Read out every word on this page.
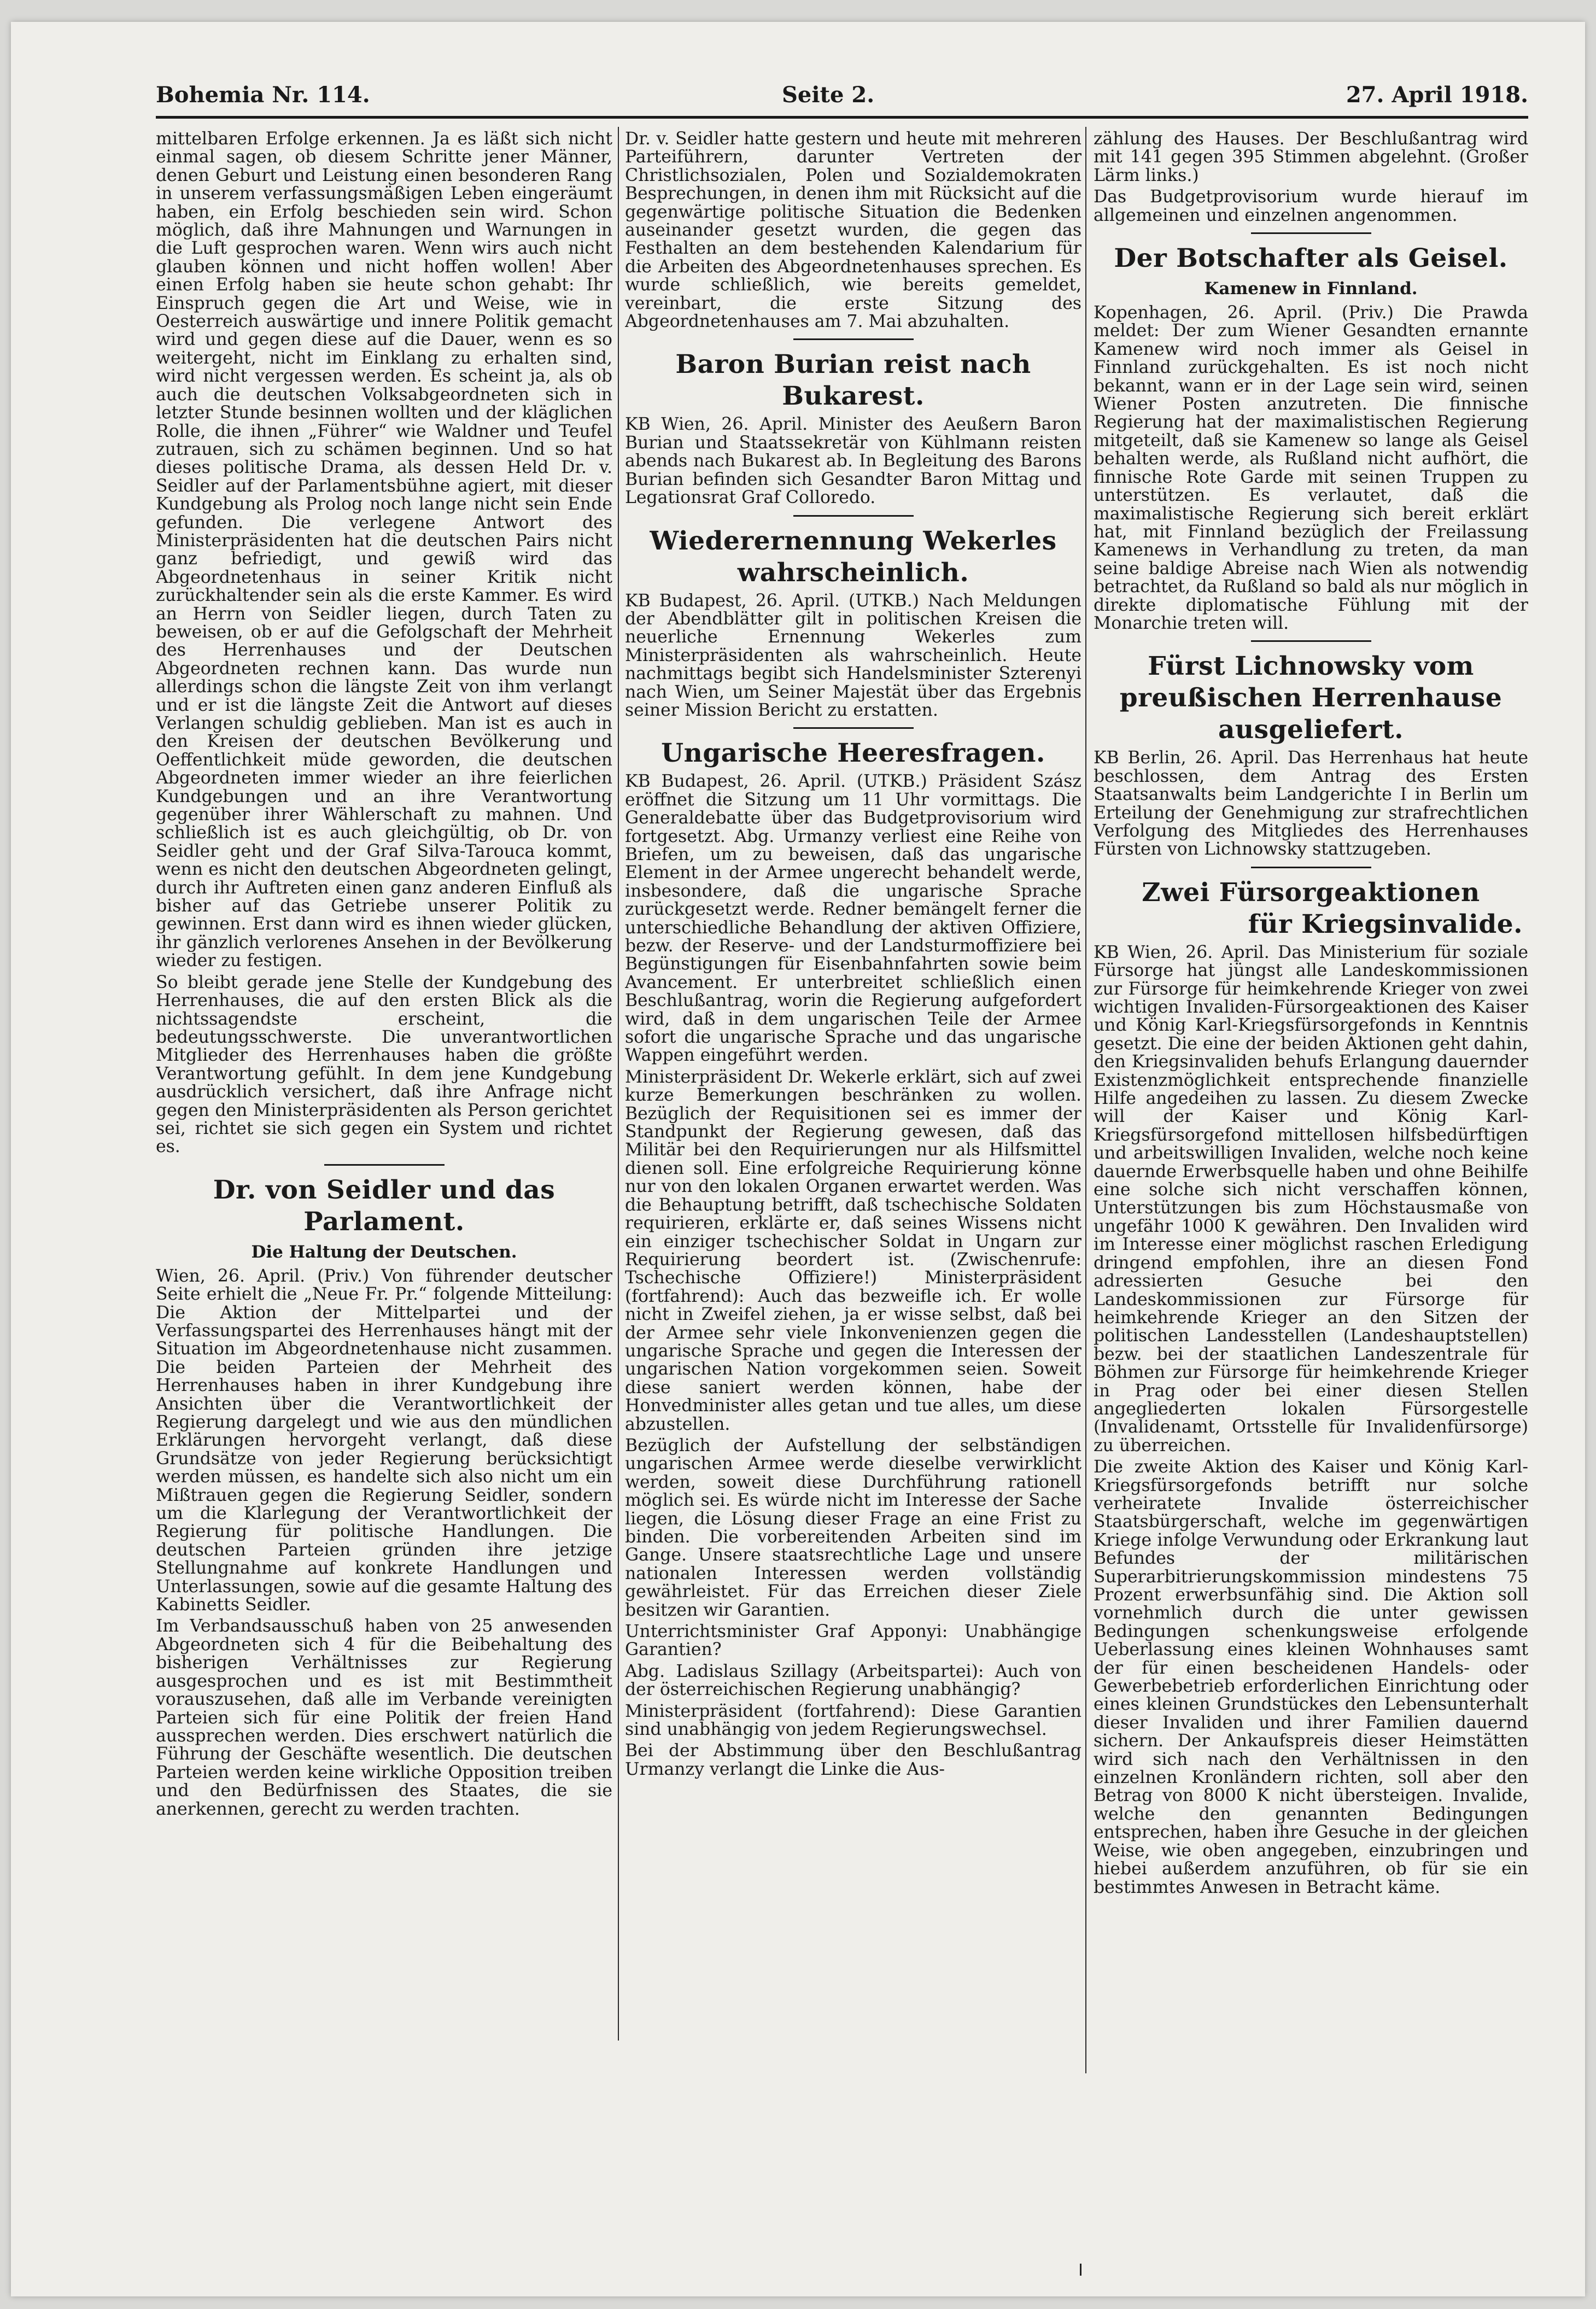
Bohemia Nr. 114.	Seite 2.	27. April 1918.

mittelbaren Erfolge erkennen. Ja es läßt sich nicht einmal sagen, ob diesem Schritte jener Männer, denen Geburt und Leistung einen besonderen Rang in unserem verfassungsmäßigen Leben eingeräumt haben, ein Erfolg beschieden sein wird. Schon möglich, daß ihre Mahnungen und Warnungen in die Luft gesprochen waren. Wenn wirs auch nicht glauben können und nicht hoffen wollen! Aber einen Erfolg haben sie heute schon gehabt: Ihr Einspruch gegen die Art und Weise, wie in Oesterreich auswärtige und innere Politik gemacht wird und gegen diese auf die Dauer, wenn es so weitergeht, nicht im Einklang zu erhalten sind, wird nicht vergessen werden. Es scheint ja, als ob auch die deutschen Volksabgeordneten sich in letzter Stunde besinnen wollten und der kläglichen Rolle, die ihnen „Führer“ wie Waldner und Teufel zutrauen, sich zu schämen beginnen. Und so hat dieses politische Drama, als dessen Held Dr. v. Seidler auf der Parlamentsbühne agiert, mit dieser Kundgebung als Prolog noch lange nicht sein Ende gefunden. Die verlegene Antwort des Ministerpräsidenten hat die deutschen Pairs nicht ganz befriedigt, und gewiß wird das Abgeordnetenhaus in seiner Kritik nicht zurückhaltender sein als die erste Kammer. Es wird an Herrn von Seidler liegen, durch Taten zu beweisen, ob er auf die Gefolgschaft der Mehrheit des Herrenhauses und der Deutschen Abgeordneten rechnen kann. Das wurde nun allerdings schon die längste Zeit von ihm verlangt und er ist die längste Zeit die Antwort auf dieses Verlangen schuldig geblieben. Man ist es auch in den Kreisen der deutschen Bevölkerung und Oeffentlichkeit müde geworden, die deutschen Abgeordneten immer wieder an ihre feierlichen Kundgebungen und an ihre Verantwortung gegenüber ihrer Wählerschaft zu mahnen. Und schließlich ist es auch gleichgültig, ob Dr. von Seidler geht und der Graf Silva-Tarouca kommt, wenn es nicht den deutschen Abgeordneten gelingt, durch ihr Auftreten einen ganz anderen Einfluß als bisher auf das Getriebe unserer Politik zu gewinnen. Erst dann wird es ihnen wieder glücken, ihr gänzlich verlorenes Ansehen in der Bevölkerung wieder zu festigen.

So bleibt gerade jene Stelle der Kundgebung des Herrenhauses, die auf den ersten Blick als die nichtssagendste erscheint, die bedeutungsschwerste. Die unverantwortlichen Mitglieder des Herrenhauses haben die größte Verantwortung gefühlt. In dem jene Kundgebung ausdrücklich versichert, daß ihre Anfrage nicht gegen den Ministerpräsidenten als Person gerichtet sei, richtet sie sich gegen ein System und richtet es.

Dr. von Seidler und das Parlament.
Die Haltung der Deutschen.

Wien, 26. April. (Priv.) Von führender deutscher Seite erhielt die „Neue Fr. Pr.“ folgende Mitteilung: Die Aktion der Mittelpartei und der Verfassungspartei des Herrenhauses hängt mit der Situation im Abgeordnetenhause nicht zusammen. Die beiden Parteien der Mehrheit des Herrenhauses haben in ihrer Kundgebung ihre Ansichten über die Verantwortlichkeit der Regierung dargelegt und wie aus den mündlichen Erklärungen hervorgeht verlangt, daß diese Grundsätze von jeder Regierung berücksichtigt werden müssen, es handelte sich also nicht um ein Mißtrauen gegen die Regierung Seidler, sondern um die Klarlegung der Verantwortlichkeit der Regierung für politische Handlungen. Die deutschen Parteien gründen ihre jetzige Stellungnahme auf konkrete Handlungen und Unterlassungen, sowie auf die gesamte Haltung des Kabinetts Seidler.

Im Verbandsausschuß haben von 25 anwesenden Abgeordneten sich 4 für die Beibehaltung des bisherigen Verhältnisses zur Regierung ausgesprochen und es ist mit Bestimmtheit vorauszusehen, daß alle im Verbande vereinigten Parteien sich für eine Politik der freien Hand aussprechen werden. Dies erschwert natürlich die Führung der Geschäfte wesentlich. Die deutschen Parteien werden keine wirkliche Opposition treiben und den Bedürfnissen des Staates, die sie anerkennen, gerecht zu werden trachten.

Dr. v. Seidler hatte gestern und heute mit mehreren Parteiführern, darunter Vertreten der Christlichsozialen, Polen und Sozialdemokraten Besprechungen, in denen ihm mit Rücksicht auf die gegenwärtige politische Situation die Bedenken auseinander gesetzt wurden, die gegen das Festhalten an dem bestehenden Kalendarium für die Arbeiten des Abgeordnetenhauses sprechen. Es wurde schließlich, wie bereits gemeldet, vereinbart, die erste Sitzung des Abgeordnetenhauses am 7. Mai abzuhalten.

Baron Burian reist nach Bukarest.

KB Wien, 26. April. Minister des Aeußern Baron Burian und Staatssekretär von Kühlmann reisten abends nach Bukarest ab. In Begleitung des Barons Burian befinden sich Gesandter Baron Mittag und Legationsrat Graf Colloredo.

Wiederernennung Wekerles wahrscheinlich.

KB Budapest, 26. April. (UTKB.) Nach Meldungen der Abendblätter gilt in politischen Kreisen die neuerliche Ernennung Wekerles zum Ministerpräsidenten als wahrscheinlich. Heute nachmittags begibt sich Handelsminister Szterenyi nach Wien, um Seiner Majestät über das Ergebnis seiner Mission Bericht zu erstatten.

Ungarische Heeresfragen.

KB Budapest, 26. April. (UTKB.) Präsident Szász eröffnet die Sitzung um 11 Uhr vormittags. Die Generaldebatte über das Budgetprovisorium wird fortgesetzt. Abg. Urmanzy verliest eine Reihe von Briefen, um zu beweisen, daß das ungarische Element in der Armee ungerecht behandelt werde, insbesondere, daß die ungarische Sprache zurückgesetzt werde. Redner bemängelt ferner die unterschiedliche Behandlung der aktiven Offiziere, bezw. der Reserve- und der Landsturmoffiziere bei Begünstigungen für Eisenbahnfahrten sowie beim Avancement. Er unterbreitet schließlich einen Beschlußantrag, worin die Regierung aufgefordert wird, daß in dem ungarischen Teile der Armee sofort die ungarische Sprache und das ungarische Wappen eingeführt werden.

Ministerpräsident Dr. Wekerle erklärt, sich auf zwei kurze Bemerkungen beschränken zu wollen. Bezüglich der Requisitionen sei es immer der Standpunkt der Regierung gewesen, daß das Militär bei den Requirierungen nur als Hilfsmittel dienen soll. Eine erfolgreiche Requirierung könne nur von den lokalen Organen erwartet werden. Was die Behauptung betrifft, daß tschechische Soldaten requirieren, erklärte er, daß seines Wissens nicht ein einziger tschechischer Soldat in Ungarn zur Requirierung beordert ist. (Zwischenrufe: Tschechische Offiziere!) Ministerpräsident (fortfahrend): Auch das bezweifle ich. Er wolle nicht in Zweifel ziehen, ja er wisse selbst, daß bei der Armee sehr viele Inkonvenienzen gegen die ungarische Sprache und gegen die Interessen der ungarischen Nation vorgekommen seien. Soweit diese saniert werden können, habe der Honvedminister alles getan und tue alles, um diese abzustellen.

Bezüglich der Aufstellung der selbständigen ungarischen Armee werde dieselbe verwirklicht werden, soweit diese Durchführung rationell möglich sei. Es würde nicht im Interesse der Sache liegen, die Lösung dieser Frage an eine Frist zu binden. Die vorbereitenden Arbeiten sind im Gange. Unsere staatsrechtliche Lage und unsere nationalen Interessen werden vollständig gewährleistet. Für das Erreichen dieser Ziele besitzen wir Garantien.

Unterrichtsminister Graf Apponyi: Unabhängige Garantien?

Abg. Ladislaus Szillagy (Arbeitspartei): Auch von der österreichischen Regierung unabhängig?

Ministerpräsident (fortfahrend): Diese Garantien sind unabhängig von jedem Regierungswechsel.

Bei der Abstimmung über den Beschlußantrag Urmanzy verlangt die Linke die Aus-

zählung des Hauses. Der Beschlußantrag wird mit 141 gegen 395 Stimmen abgelehnt. (Großer Lärm links.)

Das Budgetprovisorium wurde hierauf im allgemeinen und einzelnen angenommen.

Der Botschafter als Geisel.
Kamenew in Finnland.

Kopenhagen, 26. April. (Priv.) Die Prawda meldet: Der zum Wiener Gesandten ernannte Kamenew wird noch immer als Geisel in Finnland zurückgehalten. Es ist noch nicht bekannt, wann er in der Lage sein wird, seinen Wiener Posten anzutreten. Die finnische Regierung hat der maximalistischen Regierung mitgeteilt, daß sie Kamenew so lange als Geisel behalten werde, als Rußland nicht aufhört, die finnische Rote Garde mit seinen Truppen zu unterstützen. Es verlautet, daß die maximalistische Regierung sich bereit erklärt hat, mit Finnland bezüglich der Freilassung Kamenews in Verhandlung zu treten, da man seine baldige Abreise nach Wien als notwendig betrachtet, da Rußland so bald als nur möglich in direkte diplomatische Fühlung mit der Monarchie treten will.

Fürst Lichnowsky vom preußischen Herrenhause ausgeliefert.

KB Berlin, 26. April. Das Herrenhaus hat heute beschlossen, dem Antrag des Ersten Staatsanwalts beim Landgerichte I in Berlin um Erteilung der Genehmigung zur strafrechtlichen Verfolgung des Mitgliedes des Herrenhauses Fürsten von Lichnowsky stattzugeben.

Zwei Fürsorgeaktionen
für Kriegsinvalide.

KB Wien, 26. April. Das Ministerium für soziale Fürsorge hat jüngst alle Landeskommissionen zur Fürsorge für heimkehrende Krieger von zwei wichtigen Invaliden-Fürsorgeaktionen des Kaiser und König Karl-Kriegsfürsorgefonds in Kenntnis gesetzt. Die eine der beiden Aktionen geht dahin, den Kriegsinvaliden behufs Erlangung dauernder Existenzmöglichkeit entsprechende finanzielle Hilfe angedeihen zu lassen. Zu diesem Zwecke will der Kaiser und König Karl-Kriegsfürsorgefond mittellosen hilfsbedürftigen und arbeitswilligen Invaliden, welche noch keine dauernde Erwerbsquelle haben und ohne Beihilfe eine solche sich nicht verschaffen können, Unterstützungen bis zum Höchstausmaße von ungefähr 1000 K gewähren. Den Invaliden wird im Interesse einer möglichst raschen Erledigung dringend empfohlen, ihre an diesen Fond adressierten Gesuche bei den Landeskommissionen zur Fürsorge für heimkehrende Krieger an den Sitzen der politischen Landesstellen (Landeshauptstellen) bezw. bei der staatlichen Landeszentrale für Böhmen zur Fürsorge für heimkehrende Krieger in Prag oder bei einer diesen Stellen angegliederten lokalen Fürsorgestelle (Invalidenamt, Ortsstelle für Invalidenfürsorge) zu überreichen.

Die zweite Aktion des Kaiser und König Karl-Kriegsfürsorgefonds betrifft nur solche verheiratete Invalide österreichischer Staatsbürgerschaft, welche im gegenwärtigen Kriege infolge Verwundung oder Erkrankung laut Befundes der militärischen Superarbitrierungskommission mindestens 75 Prozent erwerbsunfähig sind. Die Aktion soll vornehmlich durch die unter gewissen Bedingungen schenkungsweise erfolgende Ueberlassung eines kleinen Wohnhauses samt der für einen bescheidenen Handels- oder Gewerbebetrieb erforderlichen Einrichtung oder eines kleinen Grundstückes den Lebensunterhalt dieser Invaliden und ihrer Familien dauernd sichern. Der Ankaufspreis dieser Heimstätten wird sich nach den Verhältnissen in den einzelnen Kronländern richten, soll aber den Betrag von 8000 K nicht übersteigen. Invalide, welche den genannten Bedingungen entsprechen, haben ihre Gesuche in der gleichen Weise, wie oben angegeben, einzubringen und hiebei außerdem anzuführen, ob für sie ein bestimmtes Anwesen in Betracht käme.
